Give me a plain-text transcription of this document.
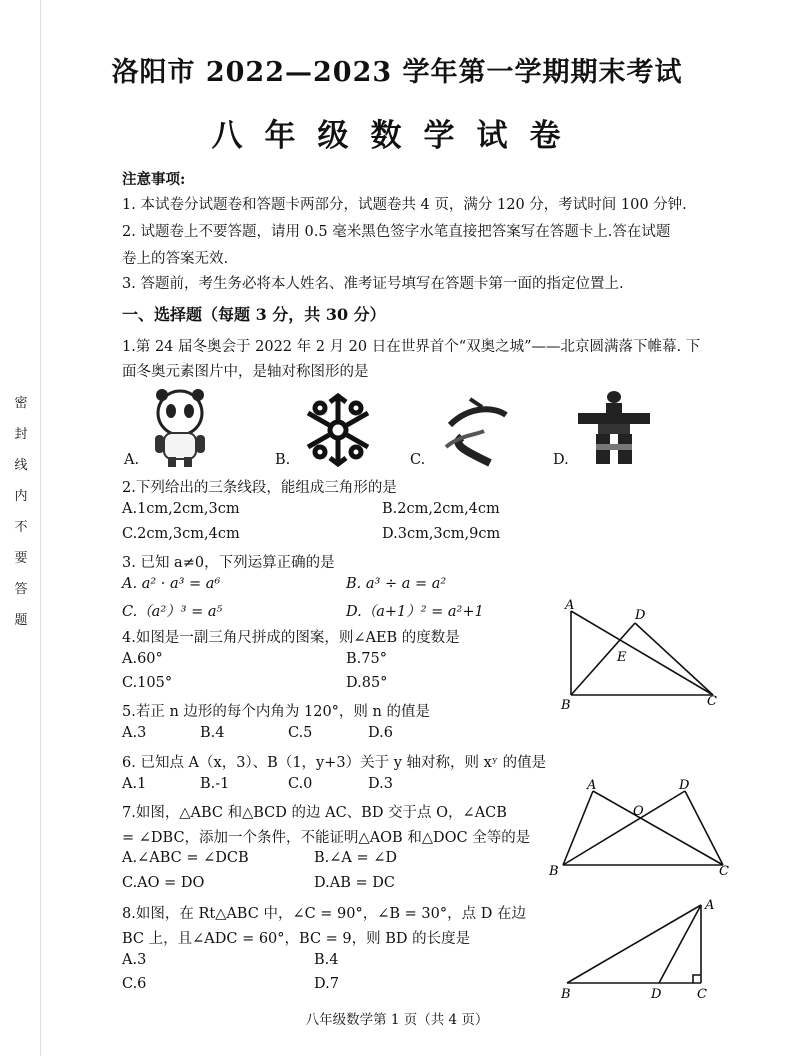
密
封
线
内
不
要
答
题
洛阳市 2022—2023 学年第一学期期末考试
八年级数学试卷
注意事项:
1. 本试卷分试题卷和答题卡两部分，试题卷共 4 页，满分 120 分，考试时间 100 分钟.
2. 试题卷上不要答题，请用 0.5 毫米黑色签字水笔直接把答案写在答题卡上.答在试题
卷上的答案无效.
3. 答题前，考生务必将本人姓名、准考证号填写在答题卡第一面的指定位置上.
一、选择题（每题 3 分，共 30 分）
1.第 24 届冬奥会于 2022 年 2 月 20 日在世界首个“双奥之城”——北京圆满落下帷幕. 下
面冬奥元素图片中，是轴对称图形的是
A.	B.	C.	D.
2.下列给出的三条线段，能组成三角形的是
A.1cm,2cm,3cm	B.2cm,2cm,4cm
C.2cm,3cm,4cm	D.3cm,3cm,9cm
3. 已知 a≠0，下列运算正确的是
A. a² · a³ = a⁶	B. a³ ÷ a = a²
C.（a²）³ = a⁵	D.（a+1）² = a²+1
4.如图是一副三角尺拼成的图案，则∠AEB 的度数是
A.60°	B.75°
C.105°	D.85°
A
D
E
B	C
5.若正 n 边形的每个内角为 120°，则 n 的值是
A.3	B.4	C.5	D.6
6. 已知点 A（x，3）、B（1，y+3）关于 y 轴对称，则 xʸ 的值是
A.1	B.-1	C.0	D.3
7.如图，△ABC 和△BCD 的边 AC、BD 交于点 O，∠ACB
= ∠DBC，添加一个条件，不能证明△AOB 和△DOC 全等的是
A.∠ABC = ∠DCB	B.∠A = ∠D
C.AO = DO	D.AB = DC
A	D
O
B	C
8.如图，在 Rt△ABC 中，∠C = 90°，∠B = 30°，点 D 在边
BC 上，且∠ADC = 60°，BC = 9，则 BD 的长度是
A.3	B.4
C.6	D.7
A
B	D	C
八年级数学第 1 页（共 4 页）
